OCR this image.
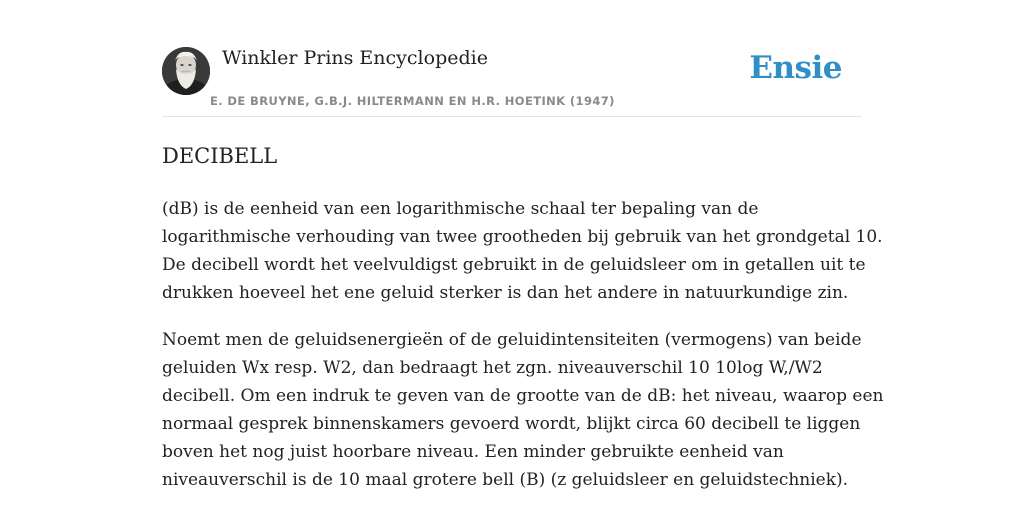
Winkler Prins Encyclopedie
E. DE BRUYNE, G.B.J. HILTERMANN EN H.R. HOETINK (1947)
Ensie
DECIBELL

(dB) is de eenheid van een logarithmische schaal ter bepaling van de
logarithmische verhouding van twee grootheden bij gebruik van het grondgetal 10.
De decibell wordt het veelvuldigst gebruikt in de geluidsleer om in getallen uit te
drukken hoeveel het ene geluid sterker is dan het andere in natuurkundige zin.

Noemt men de geluidsenergieën of de geluidintensiteiten (vermogens) van beide
geluiden Wx resp. W2, dan bedraagt het zgn. niveauverschil 10 10log W,/W2
decibell. Om een indruk te geven van de grootte van de dB: het niveau, waarop een
normaal gesprek binnenskamers gevoerd wordt, blijkt circa 60 decibell te liggen
boven het nog juist hoorbare niveau. Een minder gebruikte eenheid van
niveauverschil is de 10 maal grotere bell (B) (z geluidsleer en geluidstechniek).
